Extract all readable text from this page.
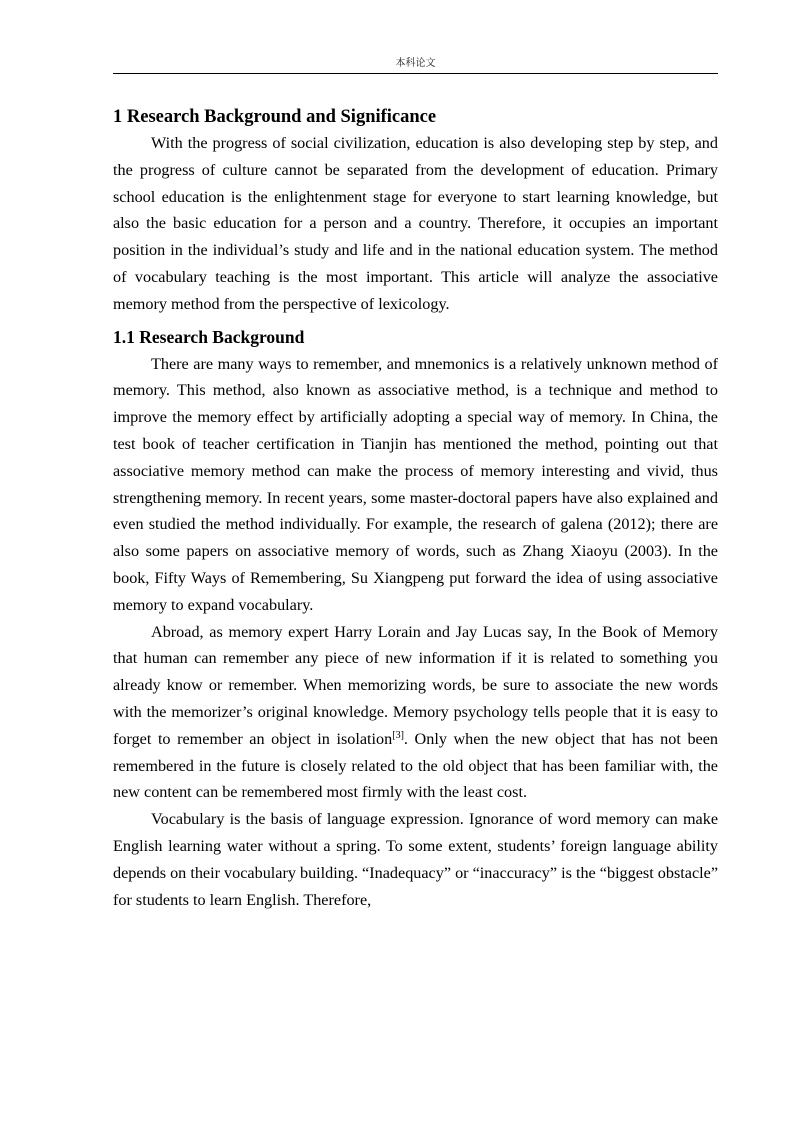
本科论文
1 Research Background and Significance

With the progress of social civilization, education is also developing step by step, and the progress of culture cannot be separated from the development of education. Primary school education is the enlightenment stage for everyone to start learning knowledge, but also the basic education for a person and a country. Therefore, it occupies an important position in the individual’s study and life and in the national education system. The method of vocabulary teaching is the most important. This article will analyze the associative memory method from the perspective of lexicology.

1.1 Research Background

There are many ways to remember, and mnemonics is a relatively unknown method of memory. This method, also known as associative method, is a technique and method to improve the memory effect by artificially adopting a special way of memory. In China, the test book of teacher certification in Tianjin has mentioned the method, pointing out that associative memory method can make the process of memory interesting and vivid, thus strengthening memory. In recent years, some master-doctoral papers have also explained and even studied the method individually. For example, the research of galena (2012); there are also some papers on associative memory of words, such as Zhang Xiaoyu (2003). In the book, Fifty Ways of Remembering, Su Xiangpeng put forward the idea of using associative memory to expand vocabulary.

Abroad, as memory expert Harry Lorain and Jay Lucas say, In the Book of Memory that human can remember any piece of new information if it is related to something you already know or remember. When memorizing words, be sure to associate the new words with the memorizer’s original knowledge. Memory psychology tells people that it is easy to forget to remember an object in isolation[3]. Only when the new object that has not been remembered in the future is closely related to the old object that has been familiar with, the new content can be remembered most firmly with the least cost.

Vocabulary is the basis of language expression. Ignorance of word memory can make English learning water without a spring. To some extent, students’ foreign language ability depends on their vocabulary building. “Inadequacy” or “inaccuracy” is the “biggest obstacle” for students to learn English. Therefore,
